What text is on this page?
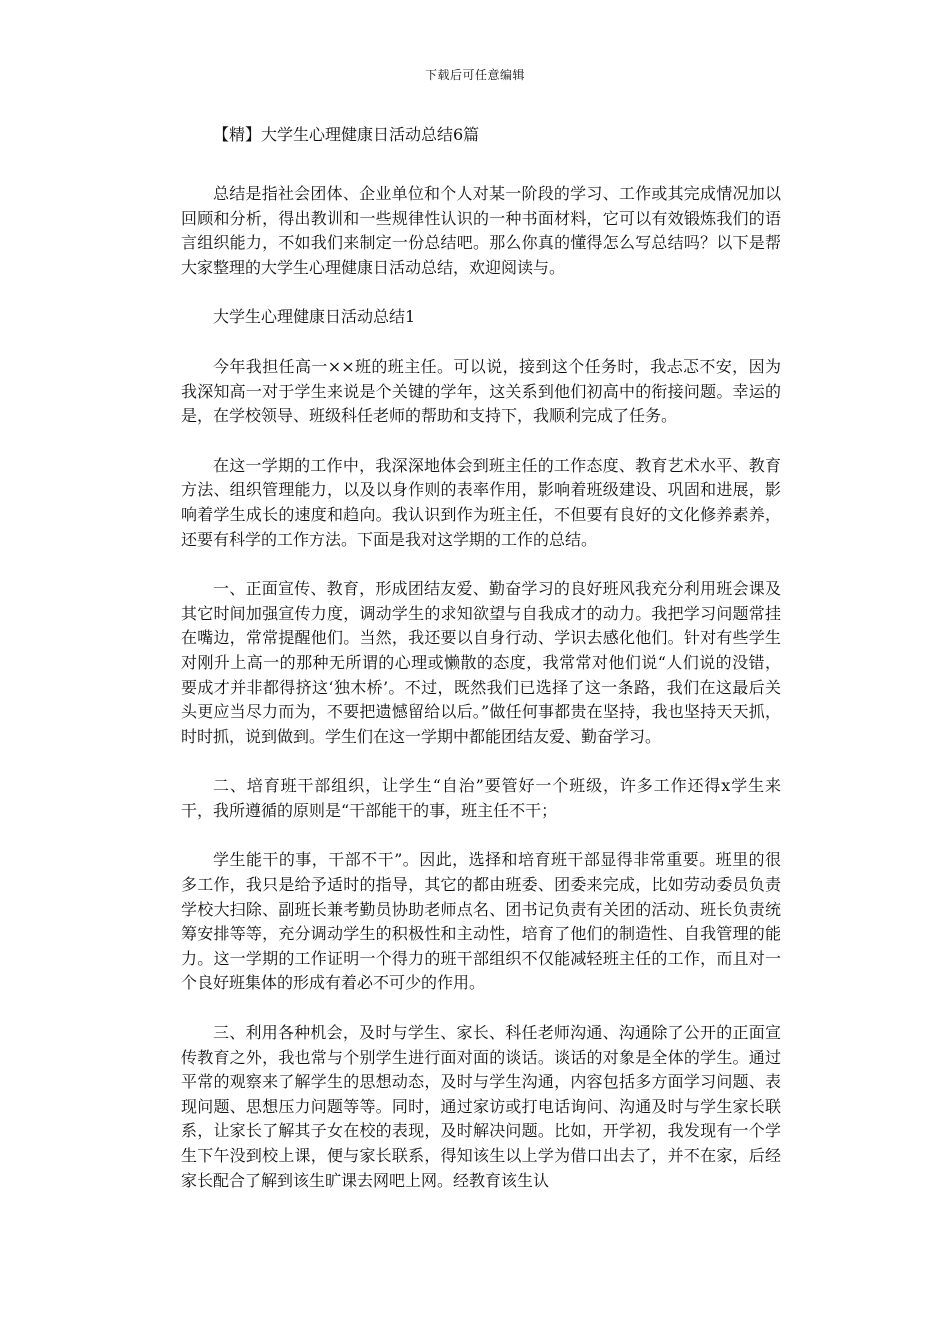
下载后可任意编辑
【精】大学生心理健康日活动总结6篇

总结是指社会团体、企业单位和个人对某一阶段的学习、工作或其完成情况加以回顾和分析，得出教训和一些规律性认识的一种书面材料，它可以有效锻炼我们的语言组织能力，不如我们来制定一份总结吧。那么你真的懂得怎么写总结吗？以下是帮大家整理的大学生心理健康日活动总结，欢迎阅读与。

大学生心理健康日活动总结1

今年我担任高一××班的班主任。可以说，接到这个任务时，我忐忑不安，因为我深知高一对于学生来说是个关键的学年，这关系到他们初高中的衔接问题。幸运的是，在学校领导、班级科任老师的帮助和支持下，我顺利完成了任务。

在这一学期的工作中，我深深地体会到班主任的工作态度、教育艺术水平、教育方法、组织管理能力，以及以身作则的表率作用，影响着班级建设、巩固和进展，影响着学生成长的速度和趋向。我认识到作为班主任，不但要有良好的文化修养素养，还要有科学的工作方法。下面是我对这学期的工作的总结。

一、正面宣传、教育，形成团结友爱、勤奋学习的良好班风我充分利用班会课及其它时间加强宣传力度，调动学生的求知欲望与自我成才的动力。我把学习问题常挂在嘴边，常常提醒他们。当然，我还要以自身行动、学识去感化他们。针对有些学生对刚升上高一的那种无所谓的心理或懒散的态度，我常常对他们说“人们说的没错，要成才并非都得挤这‘独木桥’。不过，既然我们已选择了这一条路，我们在这最后关头更应当尽力而为，不要把遗憾留给以后。”做任何事都贵在坚持，我也坚持天天抓，时时抓，说到做到。学生们在这一学期中都能团结友爱、勤奋学习。

二、培育班干部组织，让学生“自治”要管好一个班级，许多工作还得x学生来干，我所遵循的原则是“干部能干的事，班主任不干；

学生能干的事，干部不干”。因此，选择和培育班干部显得非常重要。班里的很多工作，我只是给予适时的指导，其它的都由班委、团委来完成，比如劳动委员负责学校大扫除、副班长兼考勤员协助老师点名、团书记负责有关团的活动、班长负责统筹安排等等，充分调动学生的积极性和主动性，培育了他们的制造性、自我管理的能力。这一学期的工作证明一个得力的班干部组织不仅能减轻班主任的工作，而且对一个良好班集体的形成有着必不可少的作用。

三、利用各种机会，及时与学生、家长、科任老师沟通、沟通除了公开的正面宣传教育之外，我也常与个别学生进行面对面的谈话。谈话的对象是全体的学生。通过平常的观察来了解学生的思想动态，及时与学生沟通，内容包括多方面学习问题、表现问题、思想压力问题等等。同时，通过家访或打电话询问、沟通及时与学生家长联系，让家长了解其子女在校的表现，及时解决问题。比如，开学初，我发现有一个学生下午没到校上课，便与家长联系，得知该生以上学为借口出去了，并不在家，后经家长配合了解到该生旷课去网吧上网。经教育该生认
